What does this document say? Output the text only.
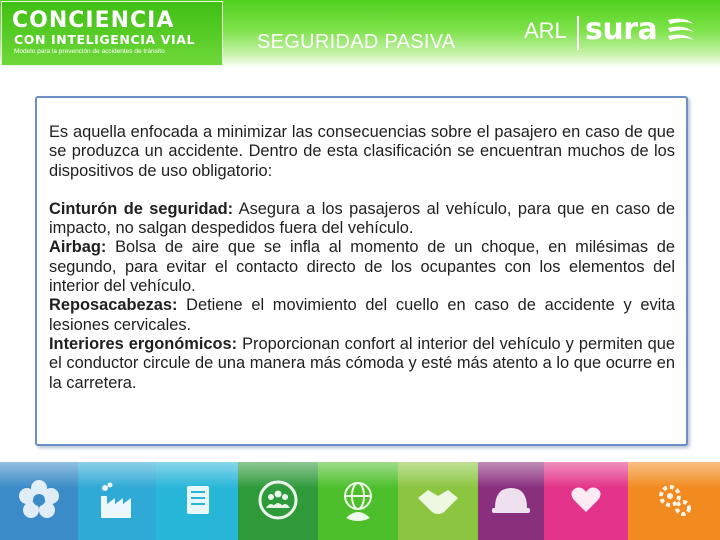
CONCIENCIA
CON INTELIGENCIA VIAL
Modelo para la prevención de accidentes de tránsito	SEGURIDAD PASIVA	ARL sura

Es aquella enfocada a minimizar las consecuencias sobre el pasajero en caso de que se produzca un accidente. Dentro de esta clasificación se encuentran muchos de los dispositivos de uso obligatorio:

Cinturón de seguridad: Asegura a los pasajeros al vehículo, para que en caso de impacto, no salgan despedidos fuera del vehículo.

Airbag: Bolsa de aire que se infla al momento de un choque, en milésimas de segundo, para evitar el contacto directo de los ocupantes con los elementos del interior del vehículo.

Reposacabezas: Detiene el movimiento del cuello en caso de accidente y evita lesiones cervicales.

Interiores ergonómicos: Proporcionan confort al interior del vehículo y permiten que el conductor circule de una manera más cómoda y esté más atento a lo que ocurre en la carretera.
